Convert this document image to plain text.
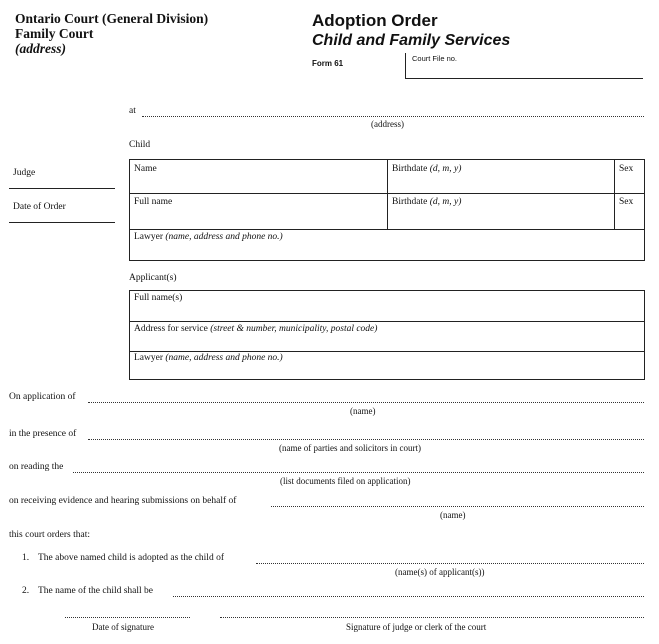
Ontario Court (General Division)
Family Court
(address)
Adoption Order
Child and Family Services
Form 61
Court File no.
at
(address)
Judge
Date of Order
Child
Name	Birthdate (d, m, y)	Sex
Full name	Birthdate (d, m, y)	Sex
Lawyer (name, address and phone no.)
Applicant(s)
Full name(s)
Address for service (street & number, municipality, postal code)
Lawyer (name, address and phone no.)
On application of
(name)
in the presence of
(name of parties and solicitors in court)
on reading the
(list documents filed on application)
on receiving evidence and hearing submissions on behalf of
(name)
this court orders that:
1. The above named child is adopted as the child of
(name(s) of applicant(s))
2. The name of the child shall be
Date of signature	Signature of judge or clerk of the court
